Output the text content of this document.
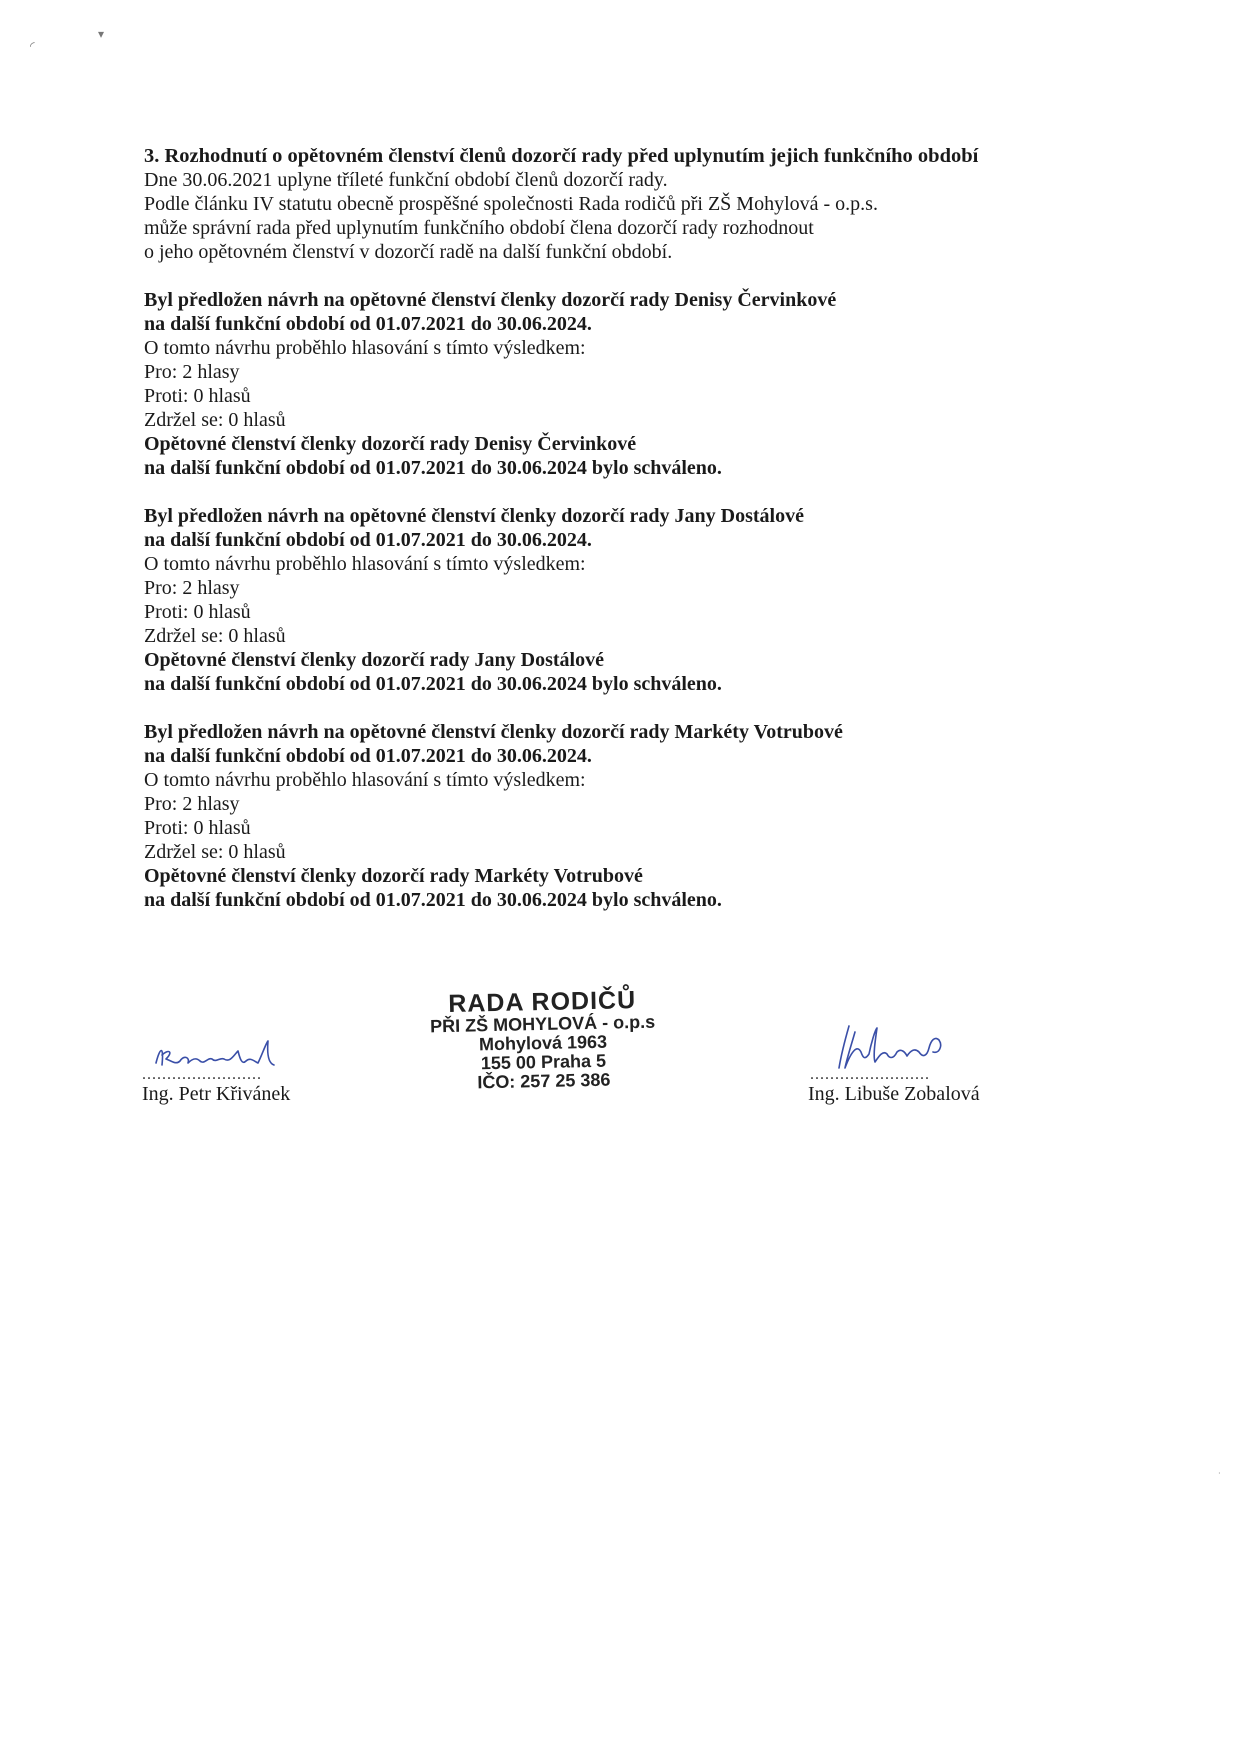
◜
▾
3. Rozhodnutí o opětovném členství členů dozorčí rady před uplynutím jejich funkčního období
Dne 30.06.2021 uplyne tříleté funkční období členů dozorčí rady.
Podle článku IV statutu obecně prospěšné společnosti Rada rodičů při ZŠ Mohylová - o.p.s.
může správní rada před uplynutím funkčního období člena dozorčí rady rozhodnout
o jeho opětovném členství v dozorčí radě na další funkční období.
Byl předložen návrh na opětovné členství členky dozorčí rady Denisy Červinkové
na další funkční období od 01.07.2021 do 30.06.2024.
O tomto návrhu proběhlo hlasování s tímto výsledkem:
Pro: 2 hlasy
Proti: 0 hlasů
Zdržel se: 0 hlasů
Opětovné členství členky dozorčí rady Denisy Červinkové
na další funkční období od 01.07.2021 do 30.06.2024 bylo schváleno.
Byl předložen návrh na opětovné členství členky dozorčí rady Jany Dostálové
na další funkční období od 01.07.2021 do 30.06.2024.
O tomto návrhu proběhlo hlasování s tímto výsledkem:
Pro: 2 hlasy
Proti: 0 hlasů
Zdržel se: 0 hlasů
Opětovné členství členky dozorčí rady Jany Dostálové
na další funkční období od 01.07.2021 do 30.06.2024 bylo schváleno.
Byl předložen návrh na opětovné členství členky dozorčí rady Markéty Votrubové
na další funkční období od 01.07.2021 do 30.06.2024.
O tomto návrhu proběhlo hlasování s tímto výsledkem:
Pro: 2 hlasy
Proti: 0 hlasů
Zdržel se: 0 hlasů
Opětovné členství členky dozorčí rady Markéty Votrubové
na další funkční období od 01.07.2021 do 30.06.2024 bylo schváleno.
........................
Ing. Petr Křivánek
RADA RODIČŮ
PŘI ZŠ MOHYLOVÁ - o.p.s
Mohylová 1963
155 00 Praha 5
IČO: 257 25 386	........................
Ing. Libuše Zobalová
·
